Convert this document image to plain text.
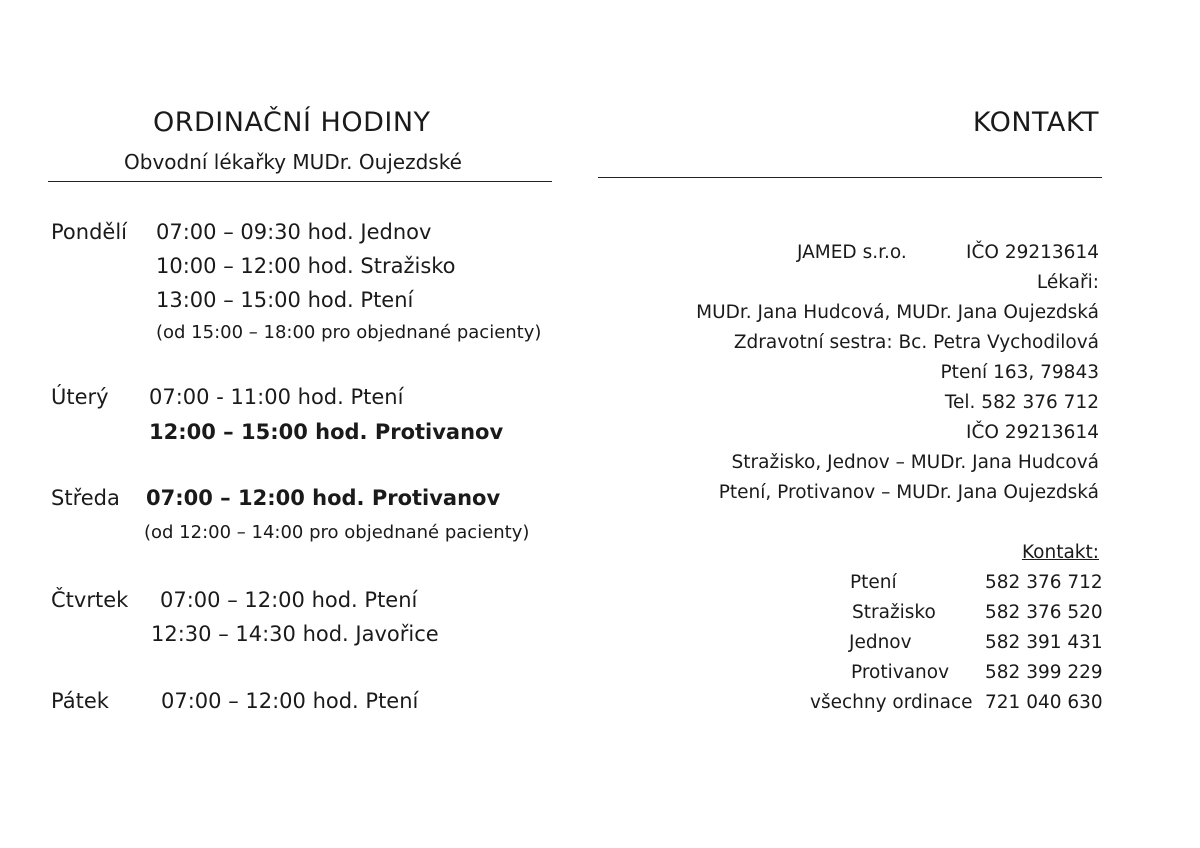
ORDINAČNÍ HODINY
Obvodní lékařky MUDr. Oujezdské
Pondělí 07:00 – 09:30 hod. Jednov
10:00 – 12:00 hod. Stražisko
13:00 – 15:00 hod. Ptení
(od 15:00 – 18:00 pro objednané pacienty)
Úterý 07:00 - 11:00 hod. Ptení
12:00 – 15:00 hod. Protivanov
Středa 07:00 – 12:00 hod. Protivanov
(od 12:00 – 14:00 pro objednané pacienty)
Čtvrtek 07:00 – 12:00 hod. Ptení
12:30 – 14:30 hod. Javořice
Pátek 07:00 – 12:00 hod. Ptení
KONTAKT
JAMED s.r.o.	IČO 29213614
Lékaři:
MUDr. Jana Hudcová, MUDr. Jana Oujezdská
Zdravotní sestra: Bc. Petra Vychodilová
Ptení 163, 79843
Tel. 582 376 712
IČO 29213614
Stražisko, Jednov – MUDr. Jana Hudcová
Ptení, Protivanov – MUDr. Jana Oujezdská
Kontakt:
Ptení	582 376 712
Stražisko	582 376 520
Jednov	582 391 431
Protivanov 582 399 229
všechny ordinace 721 040 630
